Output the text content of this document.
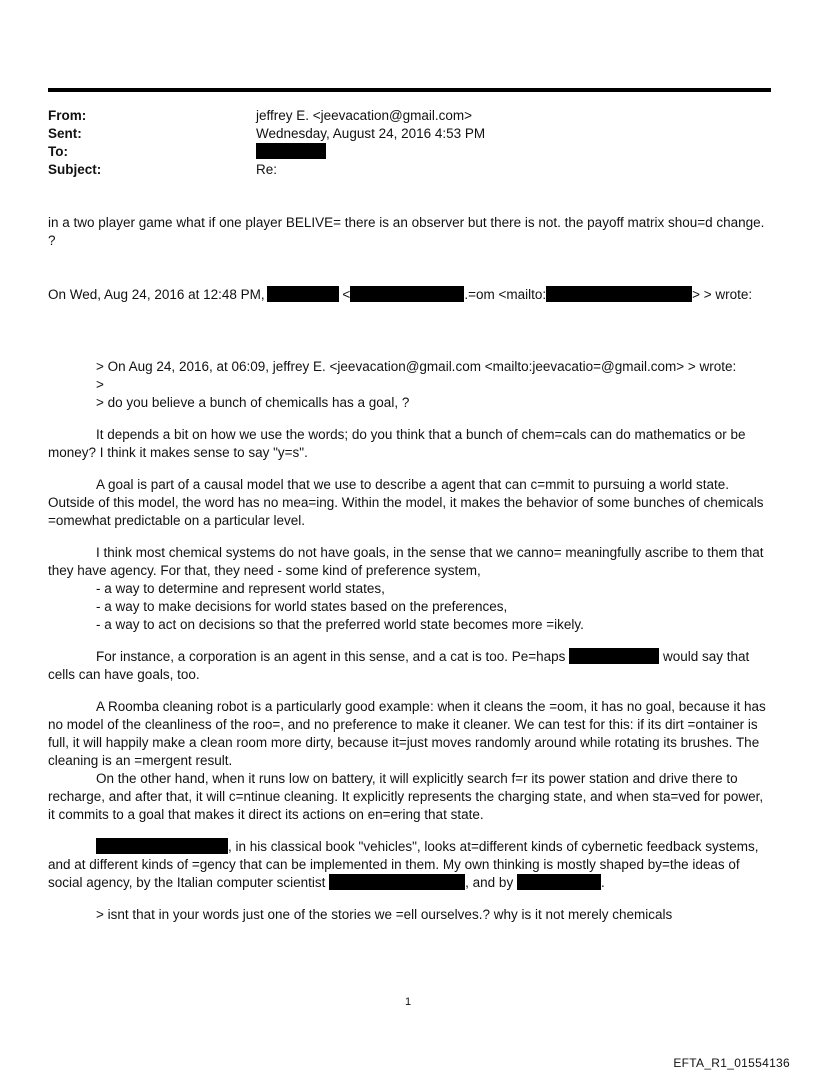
From:	jeffrey E. <jeevacation@gmail.com>
Sent:	Wednesday, August 24, 2016 4:53 PM
To:
Subject:	Re:

in a two player game what if one player BELIVE= there is an observer but there is not. the payoff matrix shou=d change. ?

On Wed, Aug 24, 2016 at 12:48 PM,	<	.=om <mailto:	> > wrote:

> On Aug 24, 2016, at 06:09, jeffrey E. <jeevacation@gmail.com <mailto:jeevacatio=@gmail.com> > wrote:

>

> do you believe a bunch of chemicalls has a goal, ?

It depends a bit on how we use the words; do you think that a bunch of chem=cals can do mathematics or be money? I think it makes sense to say "y=s".

A goal is part of a causal model that we use to describe a agent that can c=mmit to pursuing a world state. Outside of this model, the word has no mea=ing. Within the model, it makes the behavior of some bunches of chemicals =omewhat predictable on a particular level.

I think most chemical systems do not have goals, in the sense that we canno= meaningfully ascribe to them that they have agency. For that, they need - some kind of preference system,

- a way to determine and represent world states,

- a way to make decisions for world states based on the preferences,

- a way to act on decisions so that the preferred world state becomes more =ikely.

For instance, a corporation is an agent in this sense, and a cat is too. Pe=haps	would say that cells can have goals, too.

A Roomba cleaning robot is a particularly good example: when it cleans the =oom, it has no goal, because it has no model of the cleanliness of the roo=, and no preference to make it cleaner. We can test for this: if its dirt =ontainer is full, it will happily make a clean room more dirty, because it=just moves randomly around while rotating its brushes. The cleaning is an =mergent result.

On the other hand, when it runs low on battery, it will explicitly search f=r its power station and drive there to recharge, and after that, it will c=ntinue cleaning. It explicitly represents the charging state, and when sta=ved for power, it commits to a goal that makes it direct its actions on en=ering that state.

, in his classical book "vehicles", looks at=different kinds of cybernetic feedback systems, and at different kinds of =gency that can be implemented in them. My own thinking is mostly shaped by=the ideas of social agency, by the Italian computer scientist	, and by	.

> isnt that in your words just one of the stories we =ell ourselves.? why is it not merely chemicals

1
EFTA_R1_01554136
